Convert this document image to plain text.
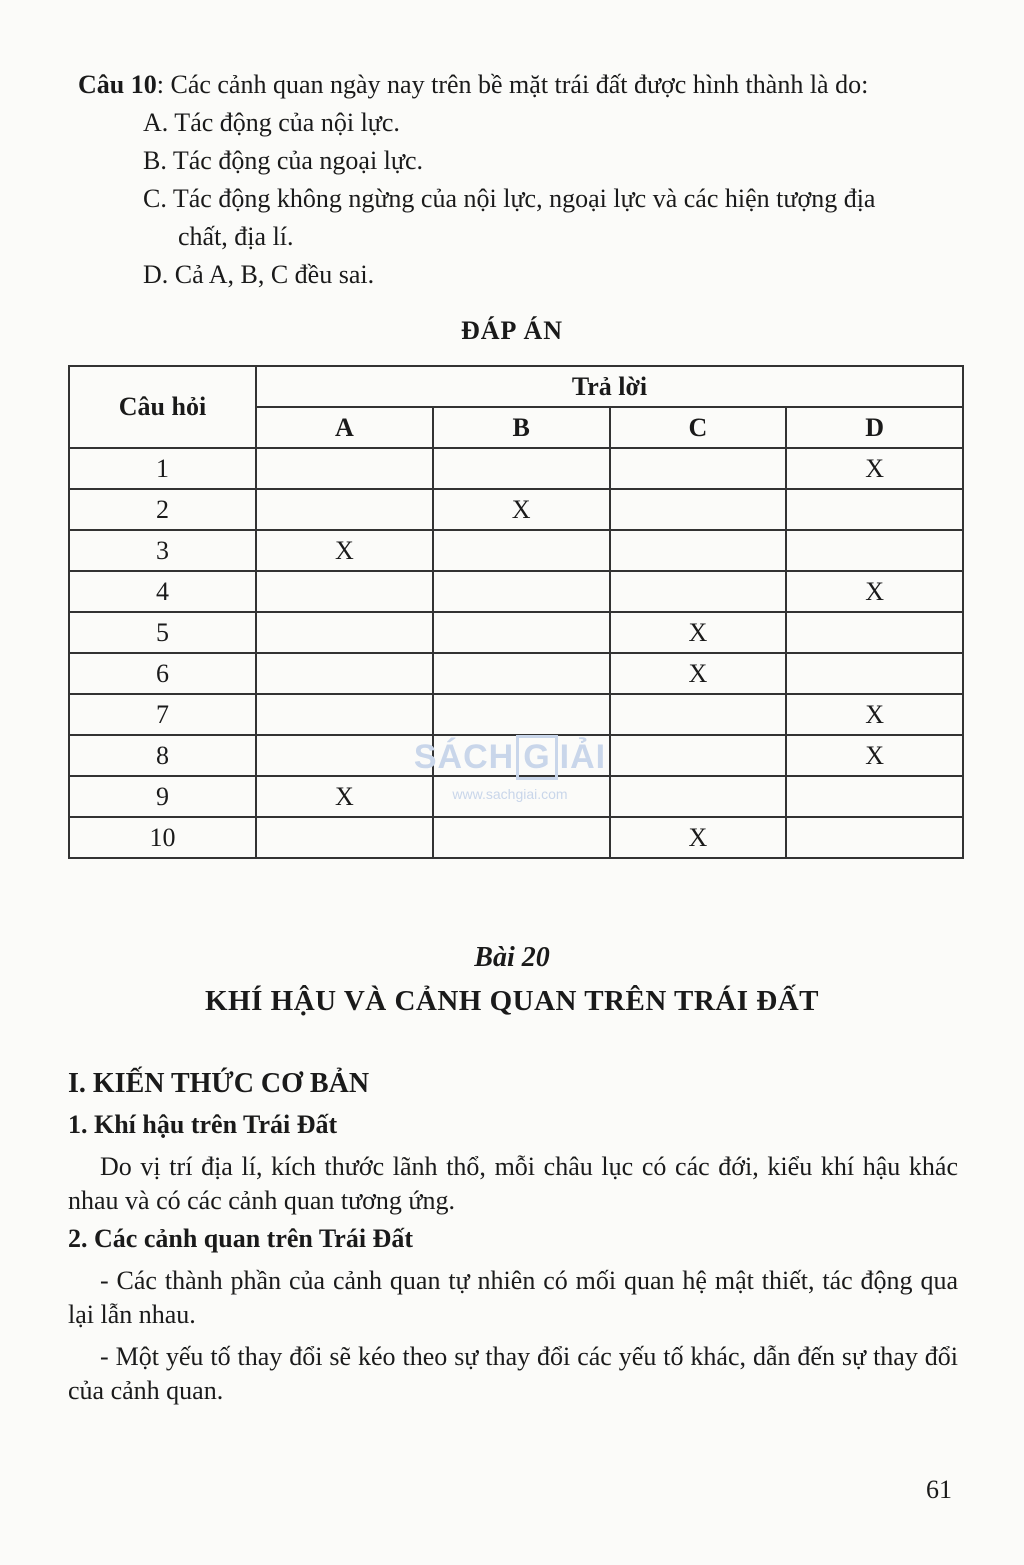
Câu 10: Các cảnh quan ngày nay trên bề mặt trái đất được hình thành là do:
A. Tác động của nội lực.
B. Tác động của ngoại lực.
C. Tác động không ngừng của nội lực, ngoại lực và các hiện tượng địa
chất, địa lí.
D. Cả A, B, C đều sai.
ĐÁP ÁN
Câu hỏi	Trả lời			
	A	B	C	D
1				X
2		X		
3	X			
4				X
5			X	
6			X	
7				X
8				X
9	X			
10			X	
SÁCH G IẢI
www.sachgiai.com
Bài 20
KHÍ HẬU VÀ CẢNH QUAN TRÊN TRÁI ĐẤT
I. KIẾN THỨC CƠ BẢN
1. Khí hậu trên Trái Đất
Do vị trí địa lí, kích thước lãnh thổ, mỗi châu lục có các đới, kiểu khí hậu khác nhau và có các cảnh quan tương ứng.
2. Các cảnh quan trên Trái Đất
- Các thành phần của cảnh quan tự nhiên có mối quan hệ mật thiết, tác động qua lại lẫn nhau.
- Một yếu tố thay đổi sẽ kéo theo sự thay đổi các yếu tố khác, dẫn đến sự thay đổi của cảnh quan.
61
